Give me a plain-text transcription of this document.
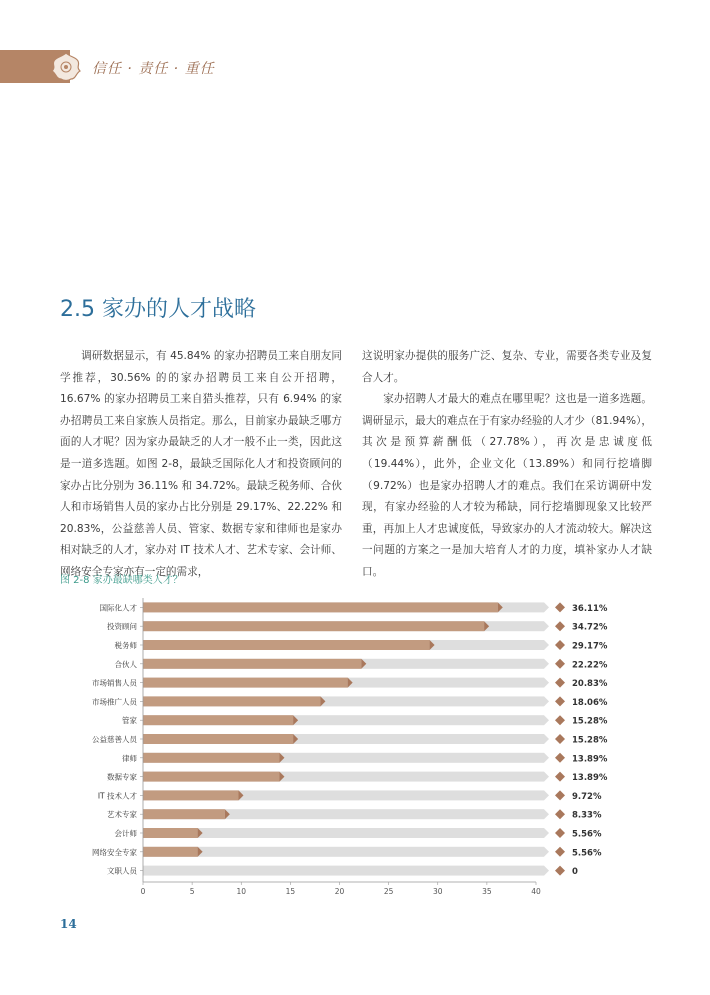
信任 · 责任 · 重任
2.5 家办的人才战略

调研数据显示，有 45.84% 的家办招聘员工来自朋友同学推荐，30.56% 的的家办招聘员工来自公开招聘，16.67% 的家办招聘员工来自猎头推荐，只有 6.94% 的家办招聘员工来自家族人员指定。那么，目前家办最缺乏哪方面的人才呢？因为家办最缺乏的人才一般不止一类，因此这是一道多选题。如图 2-8，最缺乏国际化人才和投资顾问的家办占比分别为 36.11% 和 34.72%。最缺乏税务师、合伙人和市场销售人员的家办占比分别是 29.17%、22.22% 和 20.83%，公益慈善人员、管家、数据专家和律师也是家办相对缺乏的人才，家办对 IT 技术人才、艺术专家、会计师、网络安全专家亦有一定的需求，

这说明家办提供的服务广泛、复杂、专业，需要各类专业及复合人才。

家办招聘人才最大的难点在哪里呢？这也是一道多选题。调研显示，最大的难点在于有家办经验的人才少（81.94%），其次是预算薪酬低（27.78%），再次是忠诚度低（19.44%），此外，企业文化（13.89%）和同行挖墙脚（9.72%）也是家办招聘人才的难点。我们在采访调研中发现，有家办经验的人才较为稀缺，同行挖墙脚现象又比较严重，再加上人才忠诚度低，导致家办的人才流动较大。解决这一问题的方案之一是加大培育人才的力度，填补家办人才缺口。

图 2-8 家办最缺哪类人才？
国际化人才	36.11%
投资顾问	34.72%
税务师	29.17%
合伙人	22.22%
市场销售人员	20.83%
市场推广人员	18.06%
管家	15.28%
公益慈善人员	15.28%
律师	13.89%
数据专家	13.89%
IT 技术人才	9.72%
艺术专家	8.33%
会计师	5.56%
网络安全专家	5.56%
文职人员	0
0	5	10	15	20	25	30	35	40
14
